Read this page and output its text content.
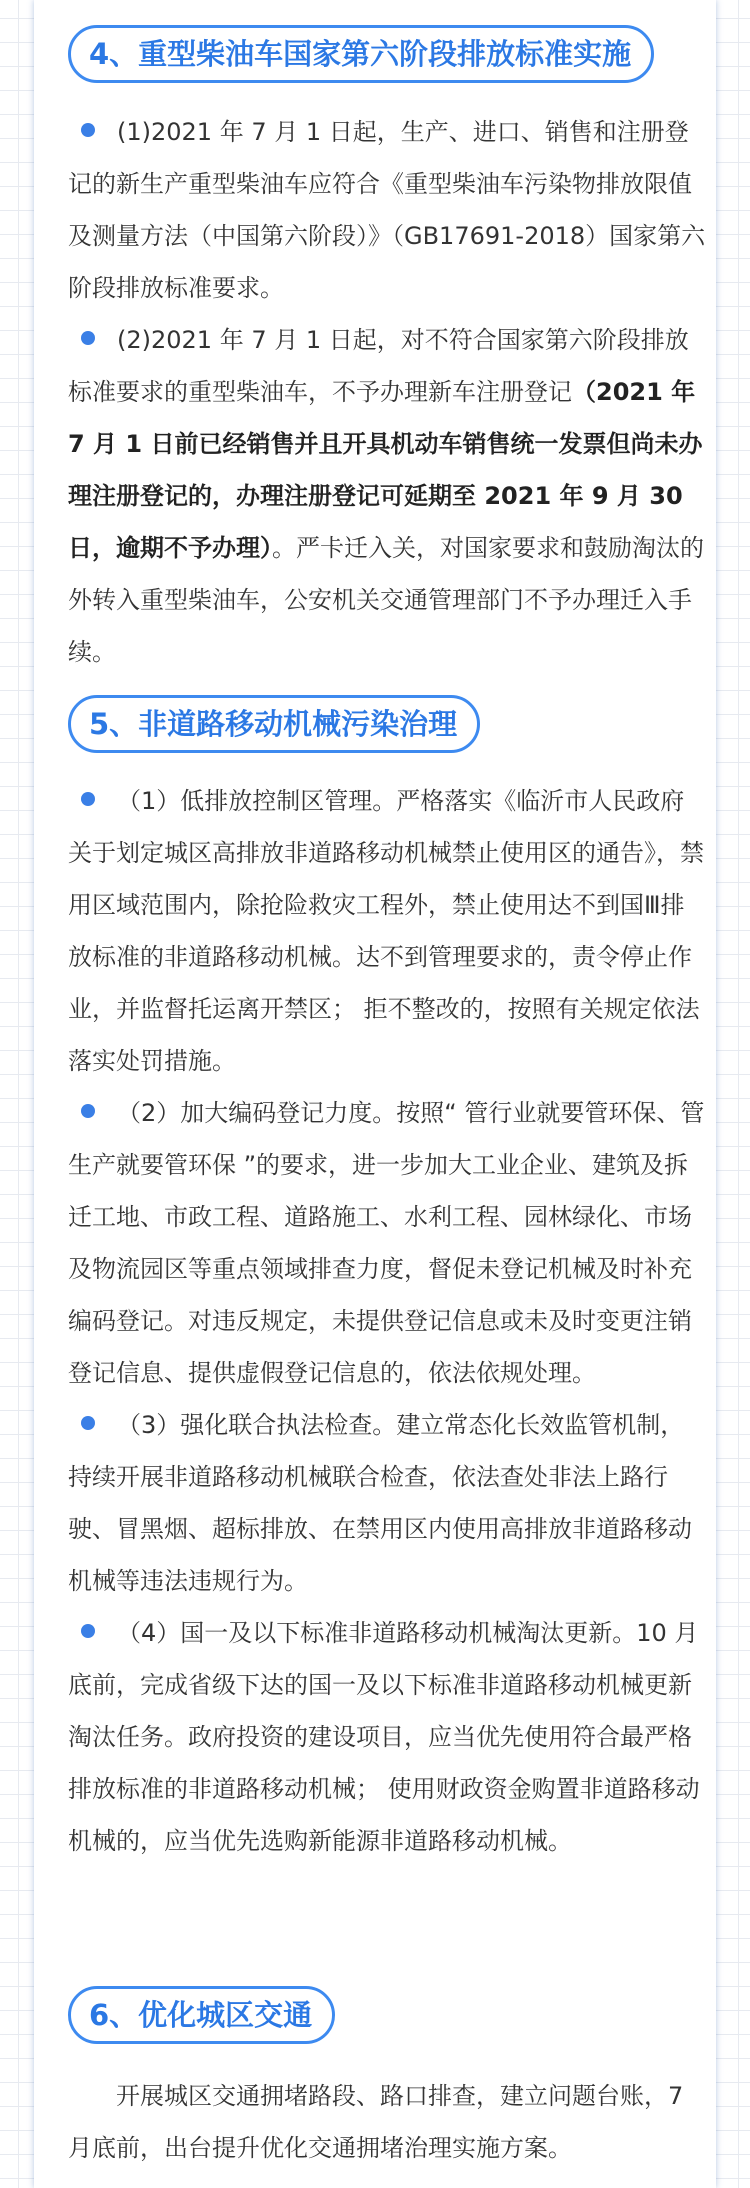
4、重型柴油车国家第六阶段排放标准实施

(1)2021 年 7 月 1 日起，生产、进口、销售和注册登记的新生产重型柴油车应符合《重型柴油车污染物排放限值及测量方法（中国第六阶段）》（GB17691-2018）国家第六阶段排放标准要求。

(2)2021 年 7 月 1 日起，对不符合国家第六阶段排放标准要求的重型柴油车，不予办理新车注册登记（2021 年 7 月 1 日前已经销售并且开具机动车销售统一发票但尚未办理注册登记的，办理注册登记可延期至 2021 年 9 月 30 日，逾期不予办理）。严卡迁入关，对国家要求和鼓励淘汰的外转入重型柴油车，公安机关交通管理部门不予办理迁入手续。

5、非道路移动机械污染治理

（1）低排放控制区管理。严格落实《临沂市人民政府关于划定城区高排放非道路移动机械禁止使用区的通告》，禁用区域范围内，除抢险救灾工程外，禁止使用达不到国Ⅲ排放标准的非道路移动机械。达不到管理要求的，责令停止作业，并监督托运离开禁区； 拒不整改的，按照有关规定依法落实处罚措施。

（2）加大编码登记力度。按照“ 管行业就要管环保、管生产就要管环保 ”的要求，进一步加大工业企业、建筑及拆迁工地、市政工程、道路施工、水利工程、园林绿化、市场及物流园区等重点领域排查力度，督促未登记机械及时补充编码登记。对违反规定，未提供登记信息或未及时变更注销登记信息、提供虚假登记信息的，依法依规处理。

（3）强化联合执法检查。建立常态化长效监管机制，持续开展非道路移动机械联合检查，依法查处非法上路行驶、冒黑烟、超标排放、在禁用区内使用高排放非道路移动机械等违法违规行为。

（4）国一及以下标准非道路移动机械淘汰更新。10 月底前，完成省级下达的国一及以下标准非道路移动机械更新淘汰任务。政府投资的建设项目，应当优先使用符合最严格排放标准的非道路移动机械； 使用财政资金购置非道路移动机械的，应当优先选购新能源非道路移动机械。

6、优化城区交通

开展城区交通拥堵路段、路口排查，建立问题台账，7 月底前，出台提升优化交通拥堵治理实施方案。
